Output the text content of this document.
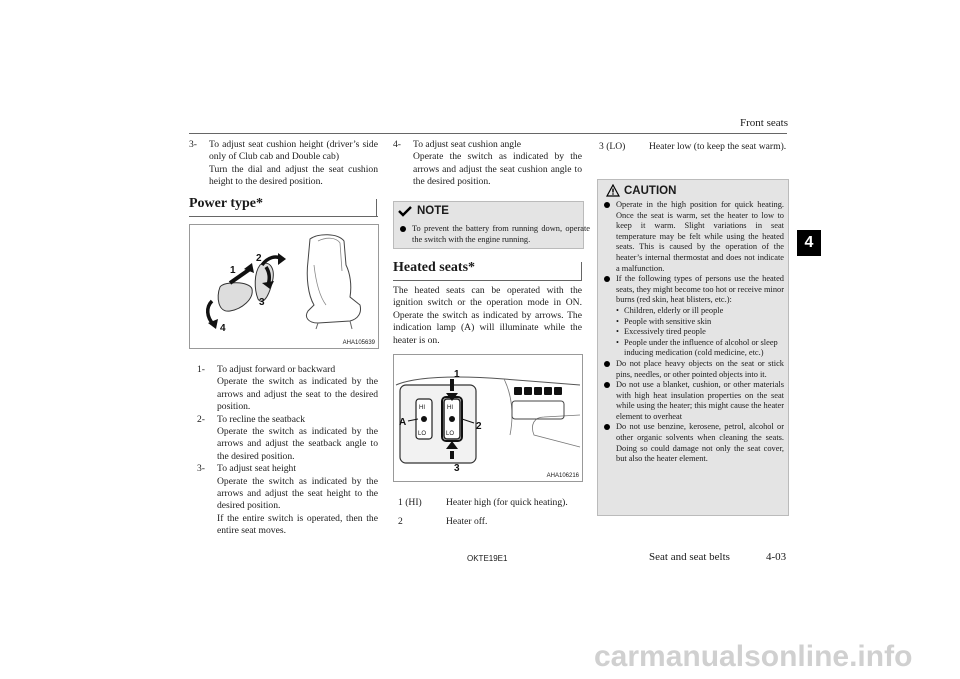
Front seats
4
3- To adjust seat cushion height (driver’s side only of Club cab and Double cab)
Turn the dial and adjust the seat cushion height to the desired position.
Power type*
1
2
3
4
AHA105639
1- To adjust forward or backward
Operate the switch as indicated by the arrows and adjust the seat to the desired position.
2- To recline the seatback
Operate the switch as indicated by the arrows and adjust the seatback angle to the desired position.
3- To adjust seat height
Operate the switch as indicated by the arrows and adjust the seat height to the desired position.
If the entire switch is operated, then the entire seat moves.
4- To adjust seat cushion angle
Operate the switch as indicated by the arrows and adjust the seat cushion angle to the desired position.
NOTE
To prevent the battery from running down, operate the switch with the engine running.
Heated seats*
The heated seats can be operated with the ignition switch or the operation mode in ON. Operate the switch as indicated by arrows. The indication lamp (A) will illuminate while the heater is on.
HI	HI
LO	LO
1
2
3
A
AHA106216
1 (HI)	Heater high (for quick heating).
2	Heater off.
3 (LO) Heater low (to keep the seat warm).
CAUTION
Operate in the high position for quick heating. Once the seat is warm, set the heater to low to keep it warm. Slight variations in seat temperature may be felt while using the heated seats. This is caused by the operation of the heater’s internal thermostat and does not indicate a malfunction.
If the following types of persons use the heated seats, they might become too hot or receive minor burns (red skin, heat blisters, etc.):
• Children, elderly or ill people
• People with sensitive skin
• Excessively tired people
• People under the influence of alcohol or sleep inducing medication (cold medicine, etc.)
Do not place heavy objects on the seat or stick pins, needles, or other pointed objects into it.
Do not use a blanket, cushion, or other materials with high heat insulation properties on the seat while using the heater; this might cause the heater element to overheat
Do not use benzine, kerosene, petrol, alcohol or other organic solvents when cleaning the seats. Doing so could damage not only the seat cover, but also the heater element.
OKTE19E1	Seat and seat belts	4-03
carmanualsonline.info
